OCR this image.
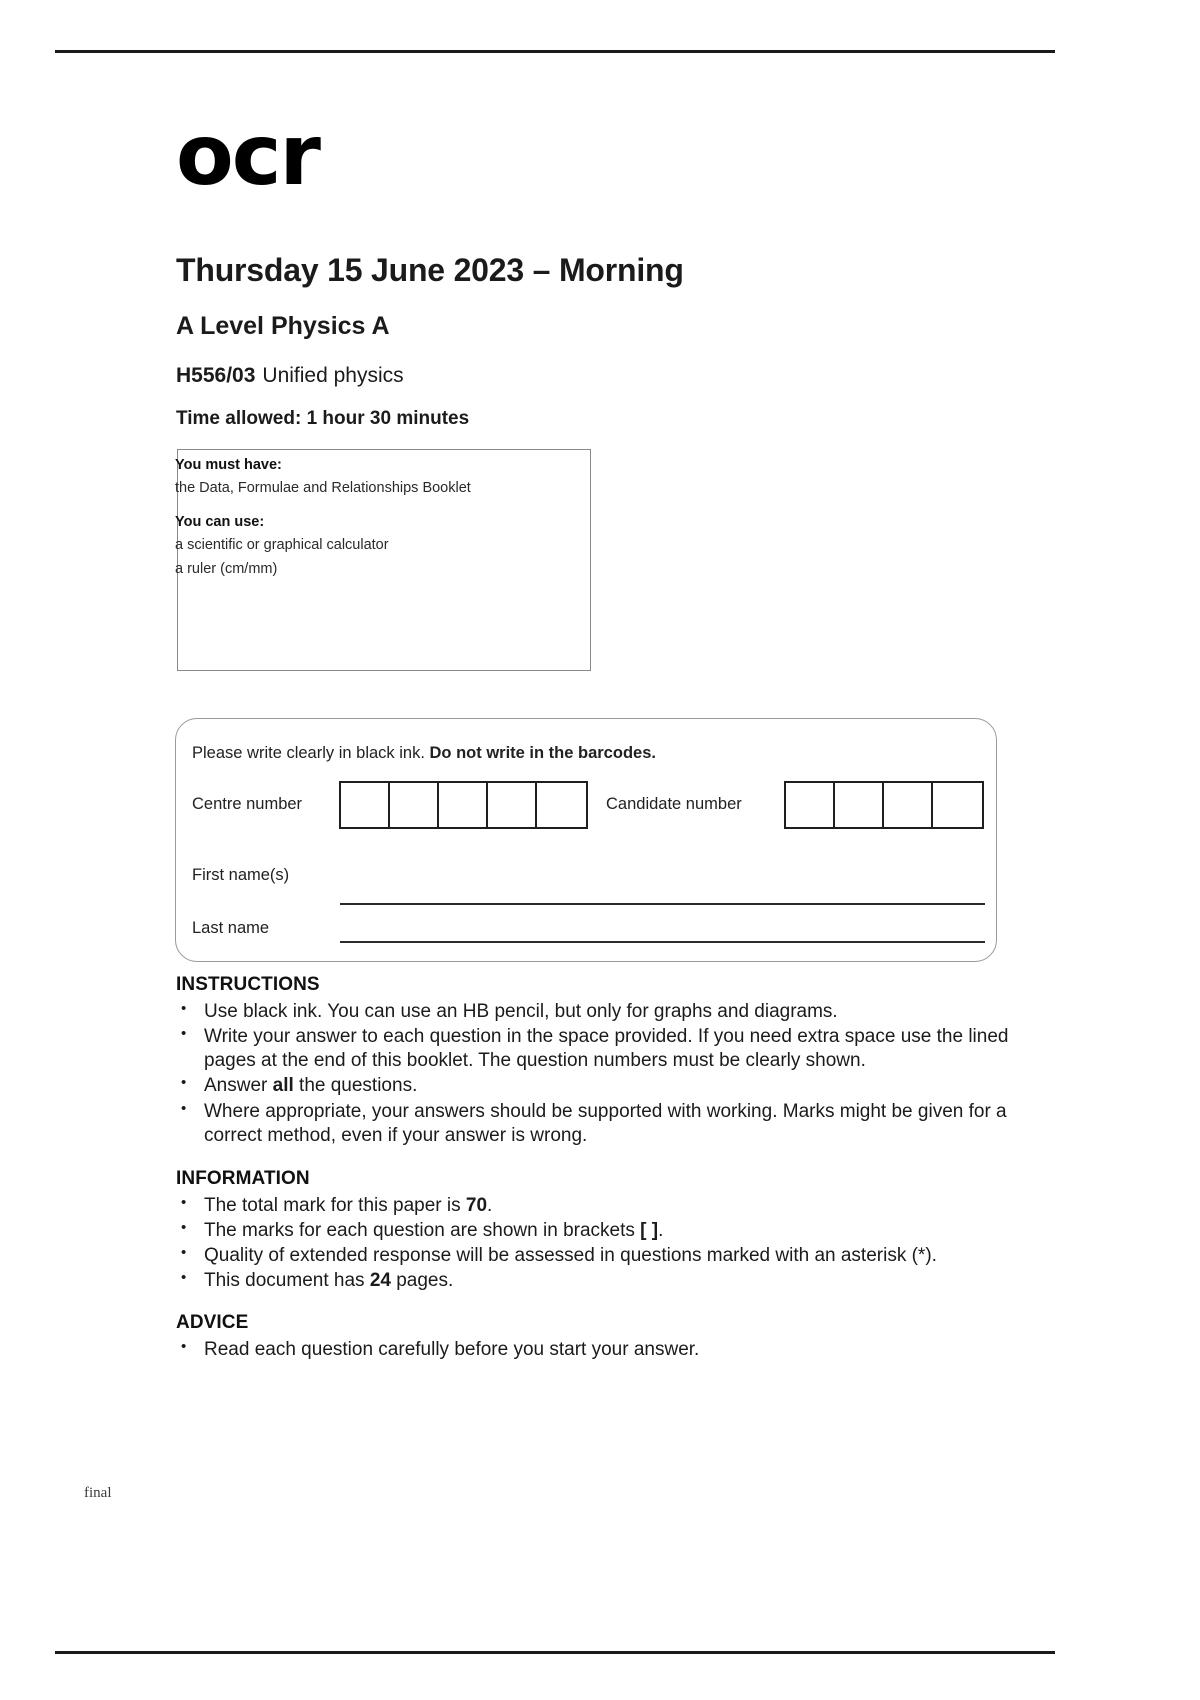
ocr
Thursday 15 June 2023 – Morning
A Level Physics A
H556/03 Unified physics
Time allowed: 1 hour 30 minutes
You must have:
the Data, Formulae and Relationships Booklet
You can use:
a scientific or graphical calculator
a ruler (cm/mm)
Please write clearly in black ink. Do not write in the barcodes.
Centre number	Candidate number
First name(s)
Last name
INSTRUCTIONS
• Use black ink. You can use an HB pencil, but only for graphs and diagrams.
• Write your answer to each question in the space provided. If you need extra space use the lined pages at the end of this booklet. The question numbers must be clearly shown.
• Answer all the questions.
• Where appropriate, your answers should be supported with working. Marks might be given for a correct method, even if your answer is wrong.
INFORMATION
• The total mark for this paper is 70.
• The marks for each question are shown in brackets [ ].
• Quality of extended response will be assessed in questions marked with an asterisk (*).
• This document has 24 pages.
ADVICE
• Read each question carefully before you start your answer.
final
